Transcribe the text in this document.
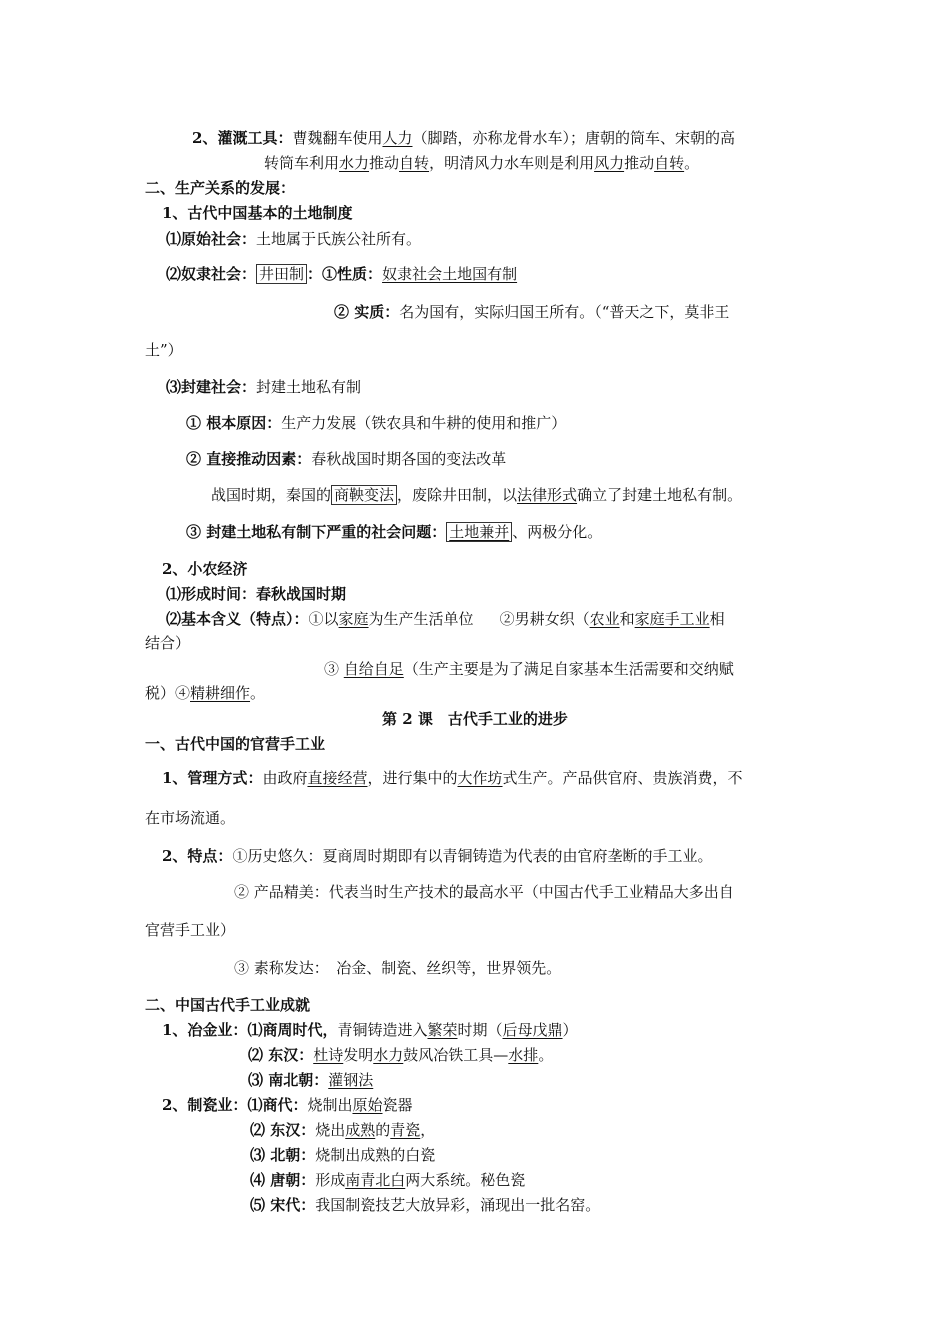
2、灌溉工具：曹魏翻车使用人力（脚踏，亦称龙骨水车）；唐朝的筒车、宋朝的高
转筒车利用水力推动自转，明清风力水车则是利用风力推动自转。
二、生产关系的发展：
1、古代中国基本的土地制度
⑴原始社会：土地属于氏族公社所有。
⑵奴隶社会： 井田制 ：①性质：奴隶社会土地国有制
② 实质：名为国有，实际归国王所有。（“普天之下，莫非王
土”）
⑶封建社会：封建土地私有制
① 根本原因：生产力发展（铁农具和牛耕的使用和推广）
② 直接推动因素：春秋战国时期各国的变法改革
战国时期，秦国的 商鞅变法 ，废除井田制，以法律形式确立了封建土地私有制。
③ 封建土地私有制下严重的社会问题： 土地兼并 、两极分化。
2、小农经济
⑴形成时间：春秋战国时期
⑵基本含义（特点）：①以家庭为生产生活单位 ②男耕女织（农业和家庭手工业相
结合）
③ 自给自足（生产主要是为了满足自家基本生活需要和交纳赋
税）④精耕细作。
第 2 课　古代手工业的进步
一、古代中国的官营手工业
1、管理方式：由政府直接经营，进行集中的大作坊式生产。产品供官府、贵族消费，不
在市场流通。
2、特点：①历史悠久：夏商周时期即有以青铜铸造为代表的由官府垄断的手工业。
② 产品精美：代表当时生产技术的最高水平（中国古代手工业精品大多出自
官营手工业）
③ 素称发达：　冶金、制瓷、丝织等，世界领先。
二、中国古代手工业成就
1、冶金业：⑴商周时代，青铜铸造进入繁荣时期（后母戊鼎）
⑵ 东汉：杜诗发明水力鼓风冶铁工具—水排。
⑶ 南北朝：灌钢法
2、制瓷业：⑴商代：烧制出原始瓷器
⑵ 东汉：烧出成熟的青瓷，
⑶ 北朝：烧制出成熟的白瓷
⑷ 唐朝：形成南青北白两大系统。秘色瓷
⑸ 宋代：我国制瓷技艺大放异彩，涌现出一批名窑。
